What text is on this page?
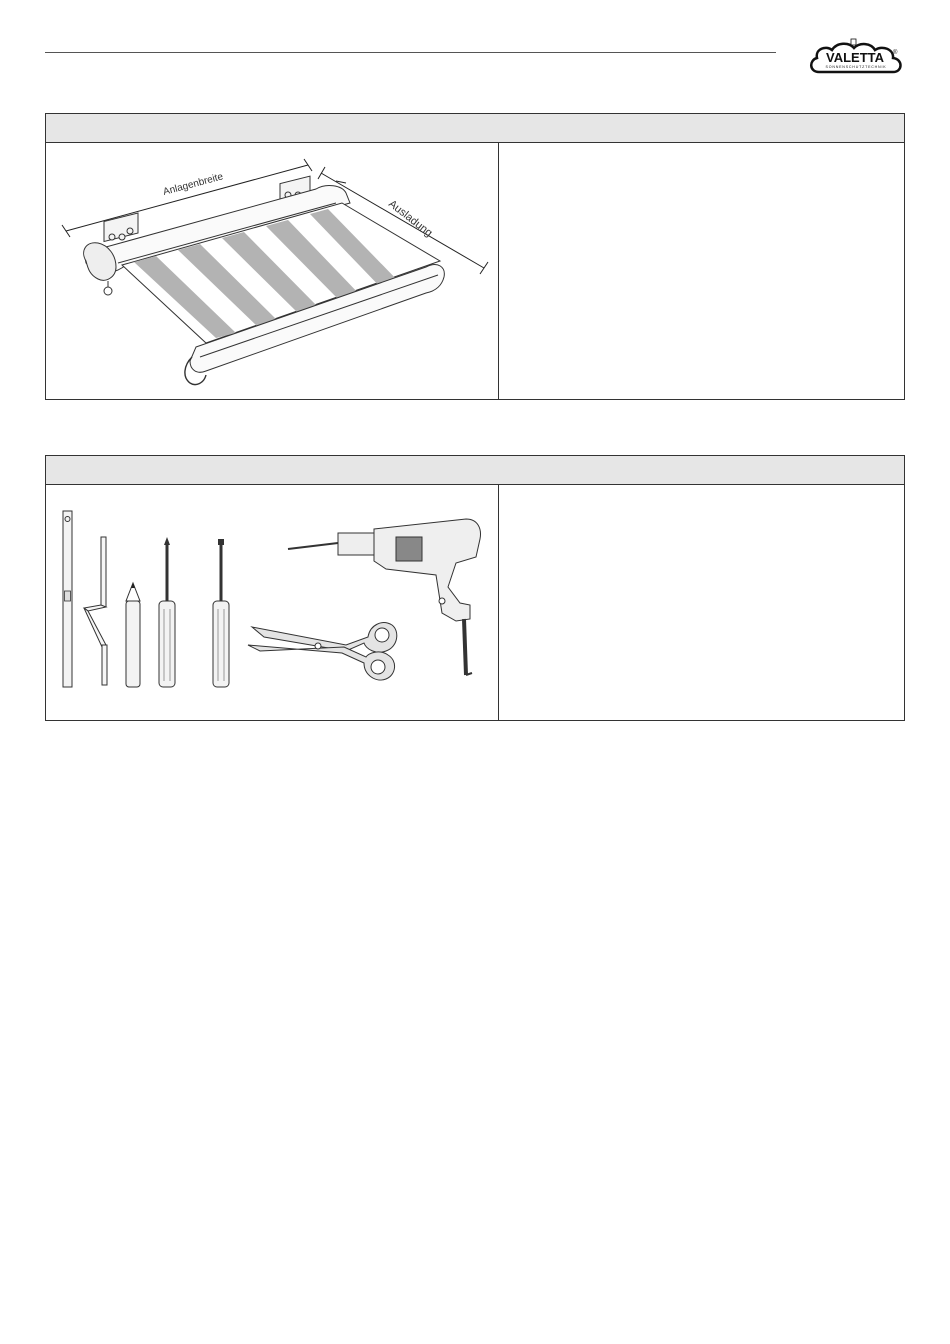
VALETTA ®
SONNENSCHUTZTECHNIK
Anlagenbreite
Ausladung
